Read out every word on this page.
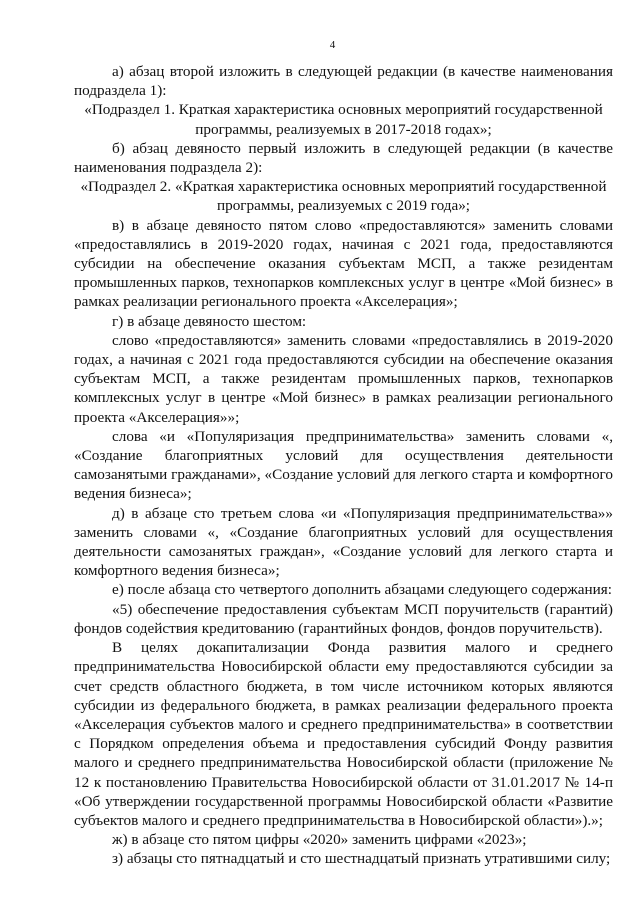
4

а) абзац второй изложить в следующей редакции (в качестве наименования подраздела 1):

«Подраздел 1. Краткая характеристика основных мероприятий государственной программы, реализуемых в 2017-2018 годах»;

б) абзац девяносто первый изложить в следующей редакции (в качестве наименования подраздела 2):

«Подраздел 2. «Краткая характеристика основных мероприятий государственной программы, реализуемых с 2019 года»;

в) в абзаце девяносто пятом слово «предоставляются» заменить словами «предоставлялись в 2019-2020 годах, начиная с 2021 года, предоставляются субсидии на обеспечение оказания субъектам МСП, а также резидентам промышленных парков, технопарков комплексных услуг в центре «Мой бизнес» в рамках реализации регионального проекта «Акселерация»;

г) в абзаце девяносто шестом:

слово «предоставляются» заменить словами «предоставлялись в 2019-2020 годах, а начиная с 2021 года предоставляются субсидии на обеспечение оказания субъектам МСП, а также резидентам промышленных парков, технопарков комплексных услуг в центре «Мой бизнес» в рамках реализации регионального проекта «Акселерация»»;

слова «и «Популяризация предпринимательства» заменить словами «, «Создание благоприятных условий для осуществления деятельности самозанятыми гражданами», «Создание условий для легкого старта и комфортного ведения бизнеса»;

д) в абзаце сто третьем слова «и «Популяризация предпринимательства»» заменить словами «, «Создание благоприятных условий для осуществления деятельности самозанятых граждан», «Создание условий для легкого старта и комфортного ведения бизнеса»;

е) после абзаца сто четвертого дополнить абзацами следующего содержания:

«5) обеспечение предоставления субъектам МСП поручительств (гарантий) фондов содействия кредитованию (гарантийных фондов, фондов поручительств).

В целях докапитализации Фонда развития малого и среднего предпринимательства Новосибирской области ему предоставляются субсидии за счет средств областного бюджета, в том числе источником которых являются субсидии из федерального бюджета, в рамках реализации федерального проекта «Акселерация субъектов малого и среднего предпринимательства» в соответствии с Порядком определения объема и предоставления субсидий Фонду развития малого и среднего предпринимательства Новосибирской области (приложение № 12 к постановлению Правительства Новосибирской области от 31.01.2017 № 14-п «Об утверждении государственной программы Новосибирской области «Развитие субъектов малого и среднего предпринимательства в Новосибирской области»).»;

ж) в абзаце сто пятом цифры «2020» заменить цифрами «2023»;

з) абзацы сто пятнадцатый и сто шестнадцатый признать утратившими силу;
